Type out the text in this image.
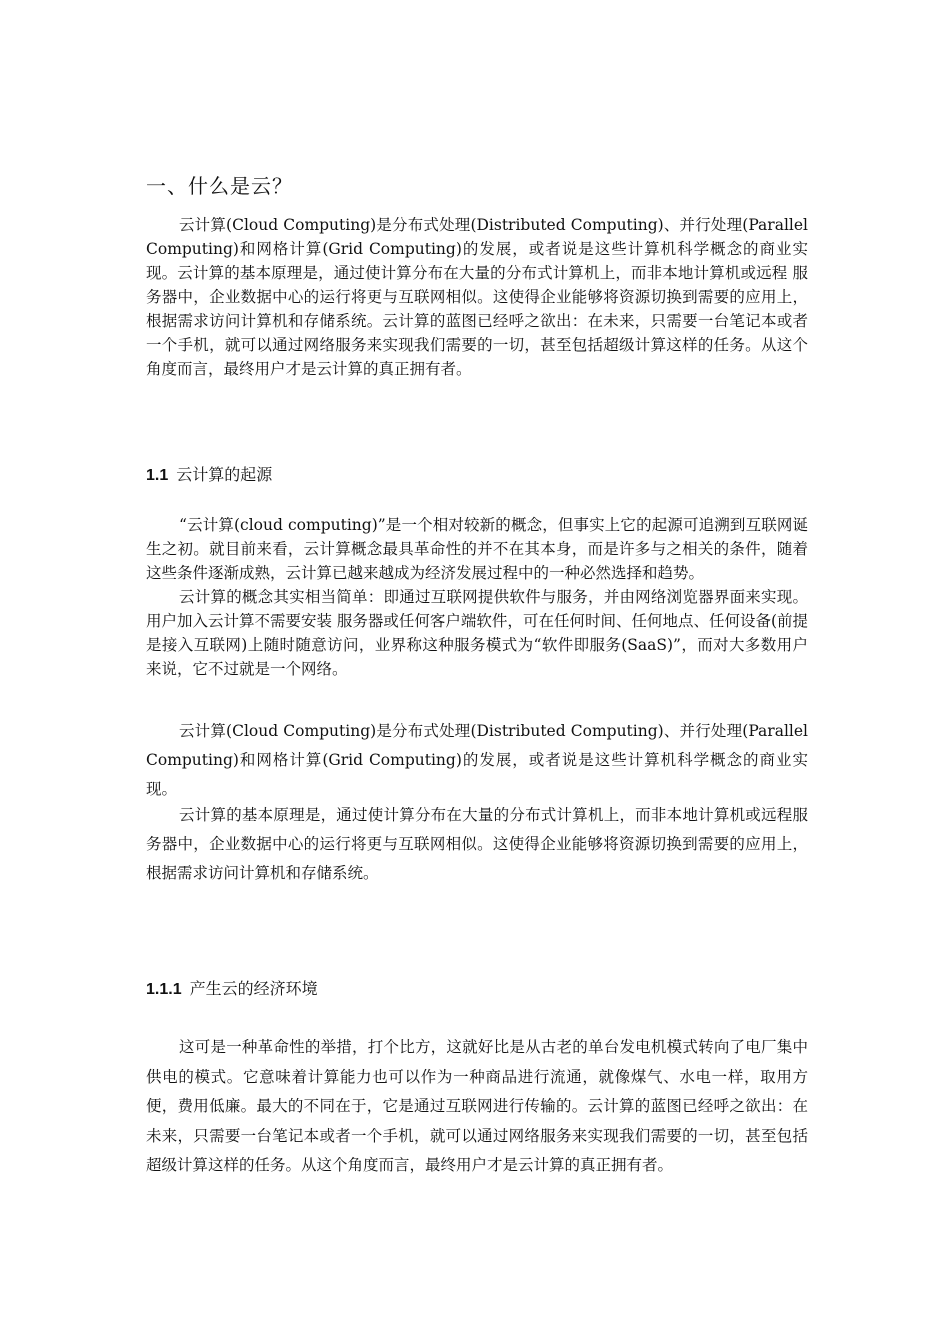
一、什么是云？

云计算(Cloud Computing)是分布式处理(Distributed Computing)、并行处理(Parallel Computing)和网格计算(Grid Computing)的发展，或者说是这些计算机科学概念的商业实现。云计算的基本原理是，通过使计算分布在大量的分布式计算机上，而非本地计算机或远程 服务器中，企业数据中心的运行将更与互联网相似。这使得企业能够将资源切换到需要的应用上，根据需求访问计算机和存储系统。云计算的蓝图已经呼之欲出：在未来，只需要一台笔记本或者一个手机，就可以通过网络服务来实现我们需要的一切，甚至包括超级计算这样的任务。从这个角度而言，最终用户才是云计算的真正拥有者。

1.1 云计算的起源

“云计算(cloud computing)”是一个相对较新的概念，但事实上它的起源可追溯到互联网诞生之初。就目前来看，云计算概念最具革命性的并不在其本身，而是许多与之相关的条件，随着这些条件逐渐成熟，云计算已越来越成为经济发展过程中的一种必然选择和趋势。

云计算的概念其实相当简单：即通过互联网提供软件与服务，并由网络浏览器界面来实现。用户加入云计算不需要安装 服务器或任何客户端软件，可在任何时间、任何地点、任何设备(前提是接入互联网)上随时随意访问，业界称这种服务模式为“软件即服务(SaaS)”，而对大多数用户来说，它不过就是一个网络。

云计算(Cloud Computing)是分布式处理(Distributed Computing)、并行处理(Parallel Computing)和网格计算(Grid Computing)的发展，或者说是这些计算机科学概念的商业实现。

云计算的基本原理是，通过使计算分布在大量的分布式计算机上，而非本地计算机或远程服务器中，企业数据中心的运行将更与互联网相似。这使得企业能够将资源切换到需要的应用上，根据需求访问计算机和存储系统。

1.1.1 产生云的经济环境

这可是一种革命性的举措，打个比方，这就好比是从古老的单台发电机模式转向了电厂集中供电的模式。它意味着计算能力也可以作为一种商品进行流通，就像煤气、水电一样，取用方便，费用低廉。最大的不同在于，它是通过互联网进行传输的。云计算的蓝图已经呼之欲出：在未来，只需要一台笔记本或者一个手机，就可以通过网络服务来实现我们需要的一切，甚至包括超级计算这样的任务。从这个角度而言，最终用户才是云计算的真正拥有者。
